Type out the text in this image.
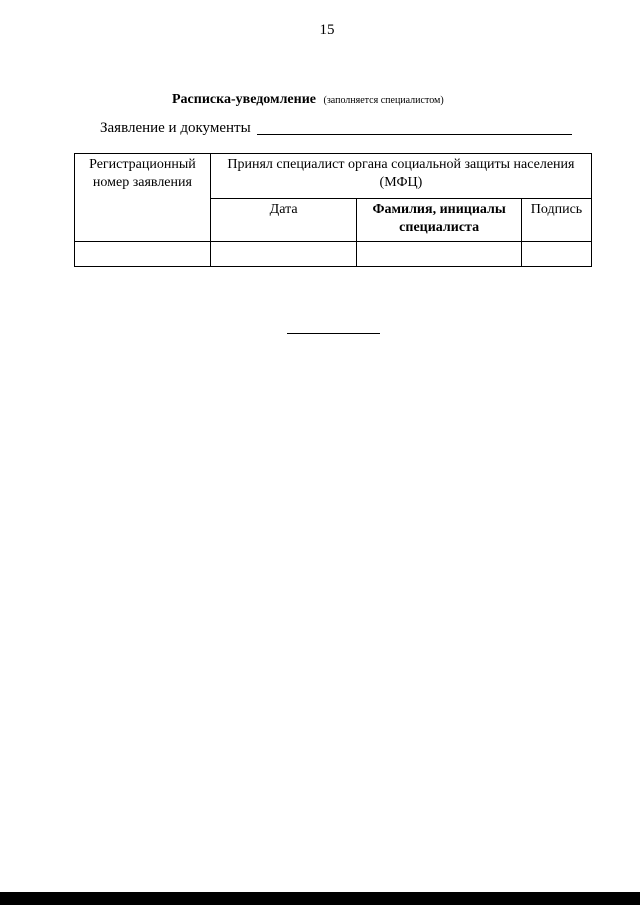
15
Расписка-уведомление (заполняется специалистом)
Заявление и документы
Регистрационный номер заявления	Принял специалист органа социальной защиты населения (МФЦ)		
	Дата	Фамилия, инициалы специалиста	Подпись
